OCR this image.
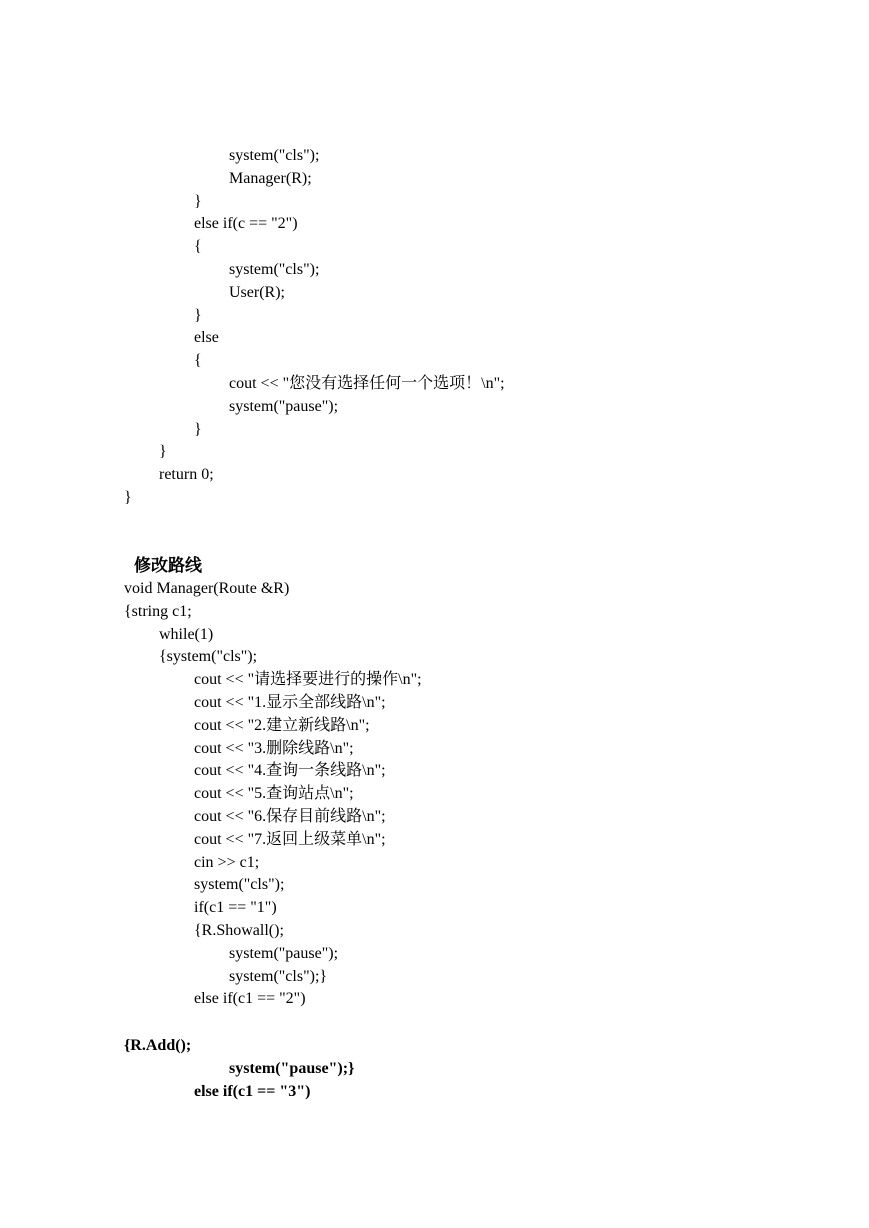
system("cls");
Manager(R);
}
else if(c == "2")
{
system("cls");
User(R);
}
else
{
cout << "您没有选择任何一个选项！\n";
system("pause");
}
}
return 0;
}
修改路线
void Manager(Route &R)
{string c1;
while(1)
{system("cls");
cout << "请选择要进行的操作\n";
cout << "1.显示全部线路\n";
cout << "2.建立新线路\n";
cout << "3.删除线路\n";
cout << "4.查询一条线路\n";
cout << "5.查询站点\n";
cout << "6.保存目前线路\n";
cout << "7.返回上级菜单\n";
cin >> c1;
system("cls");
if(c1 == "1")
{R.Showall();
system("pause");
system("cls");}
else if(c1 == "2")
{R.Add();
system("pause");}
else if(c1 == "3")
